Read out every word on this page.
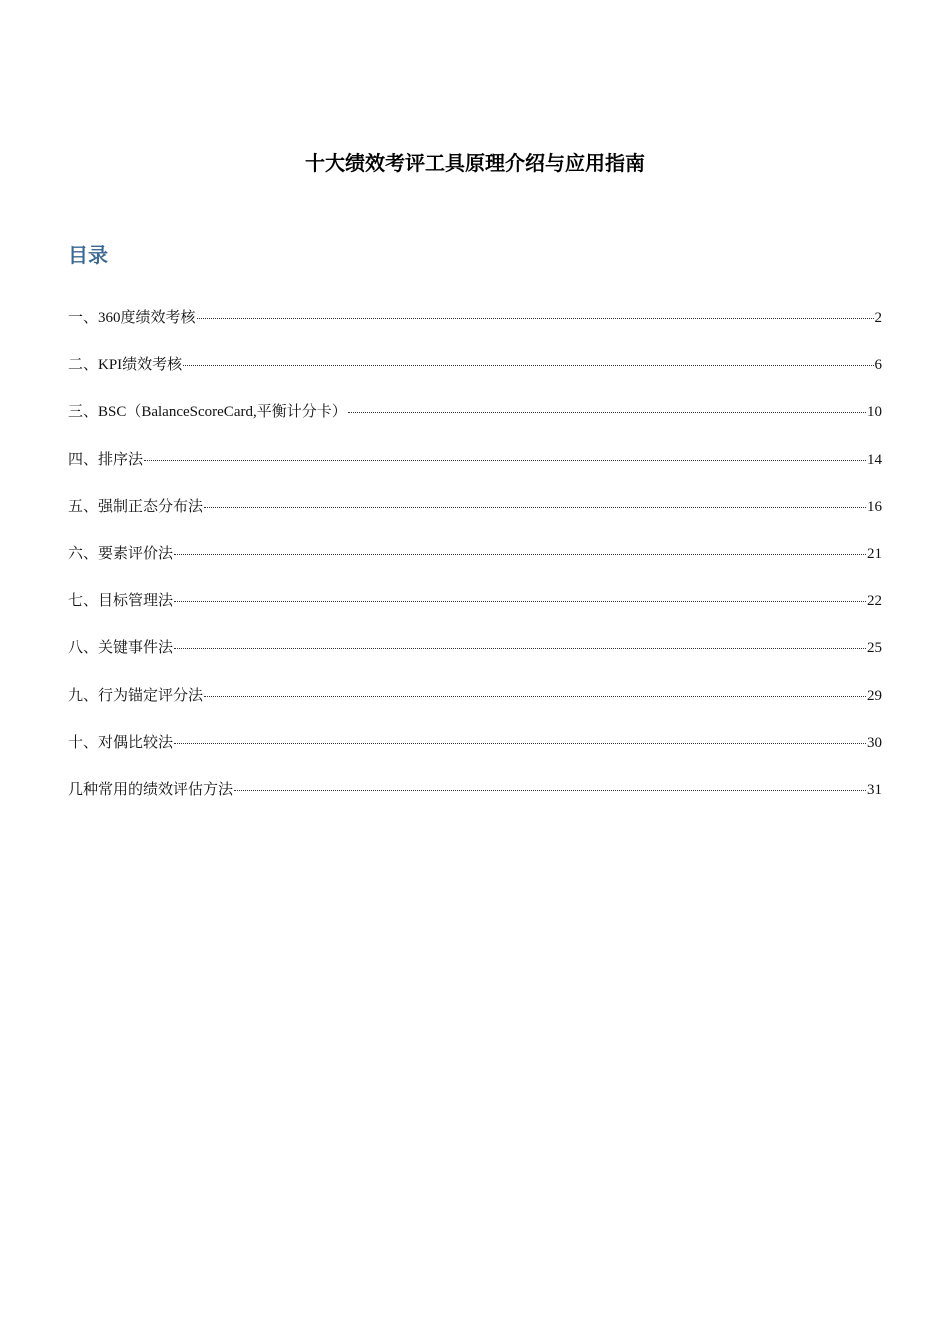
十大绩效考评工具原理介绍与应用指南
目录
一、360度绩效考核	2
二、KPI绩效考核	6
三、BSC（BalanceScoreCard,平衡计分卡）	10
四、排序法	14
五、强制正态分布法	16
六、要素评价法	21
七、目标管理法	22
八、关键事件法	25
九、行为锚定评分法	29
十、对偶比较法	30
几种常用的绩效评估方法	31
